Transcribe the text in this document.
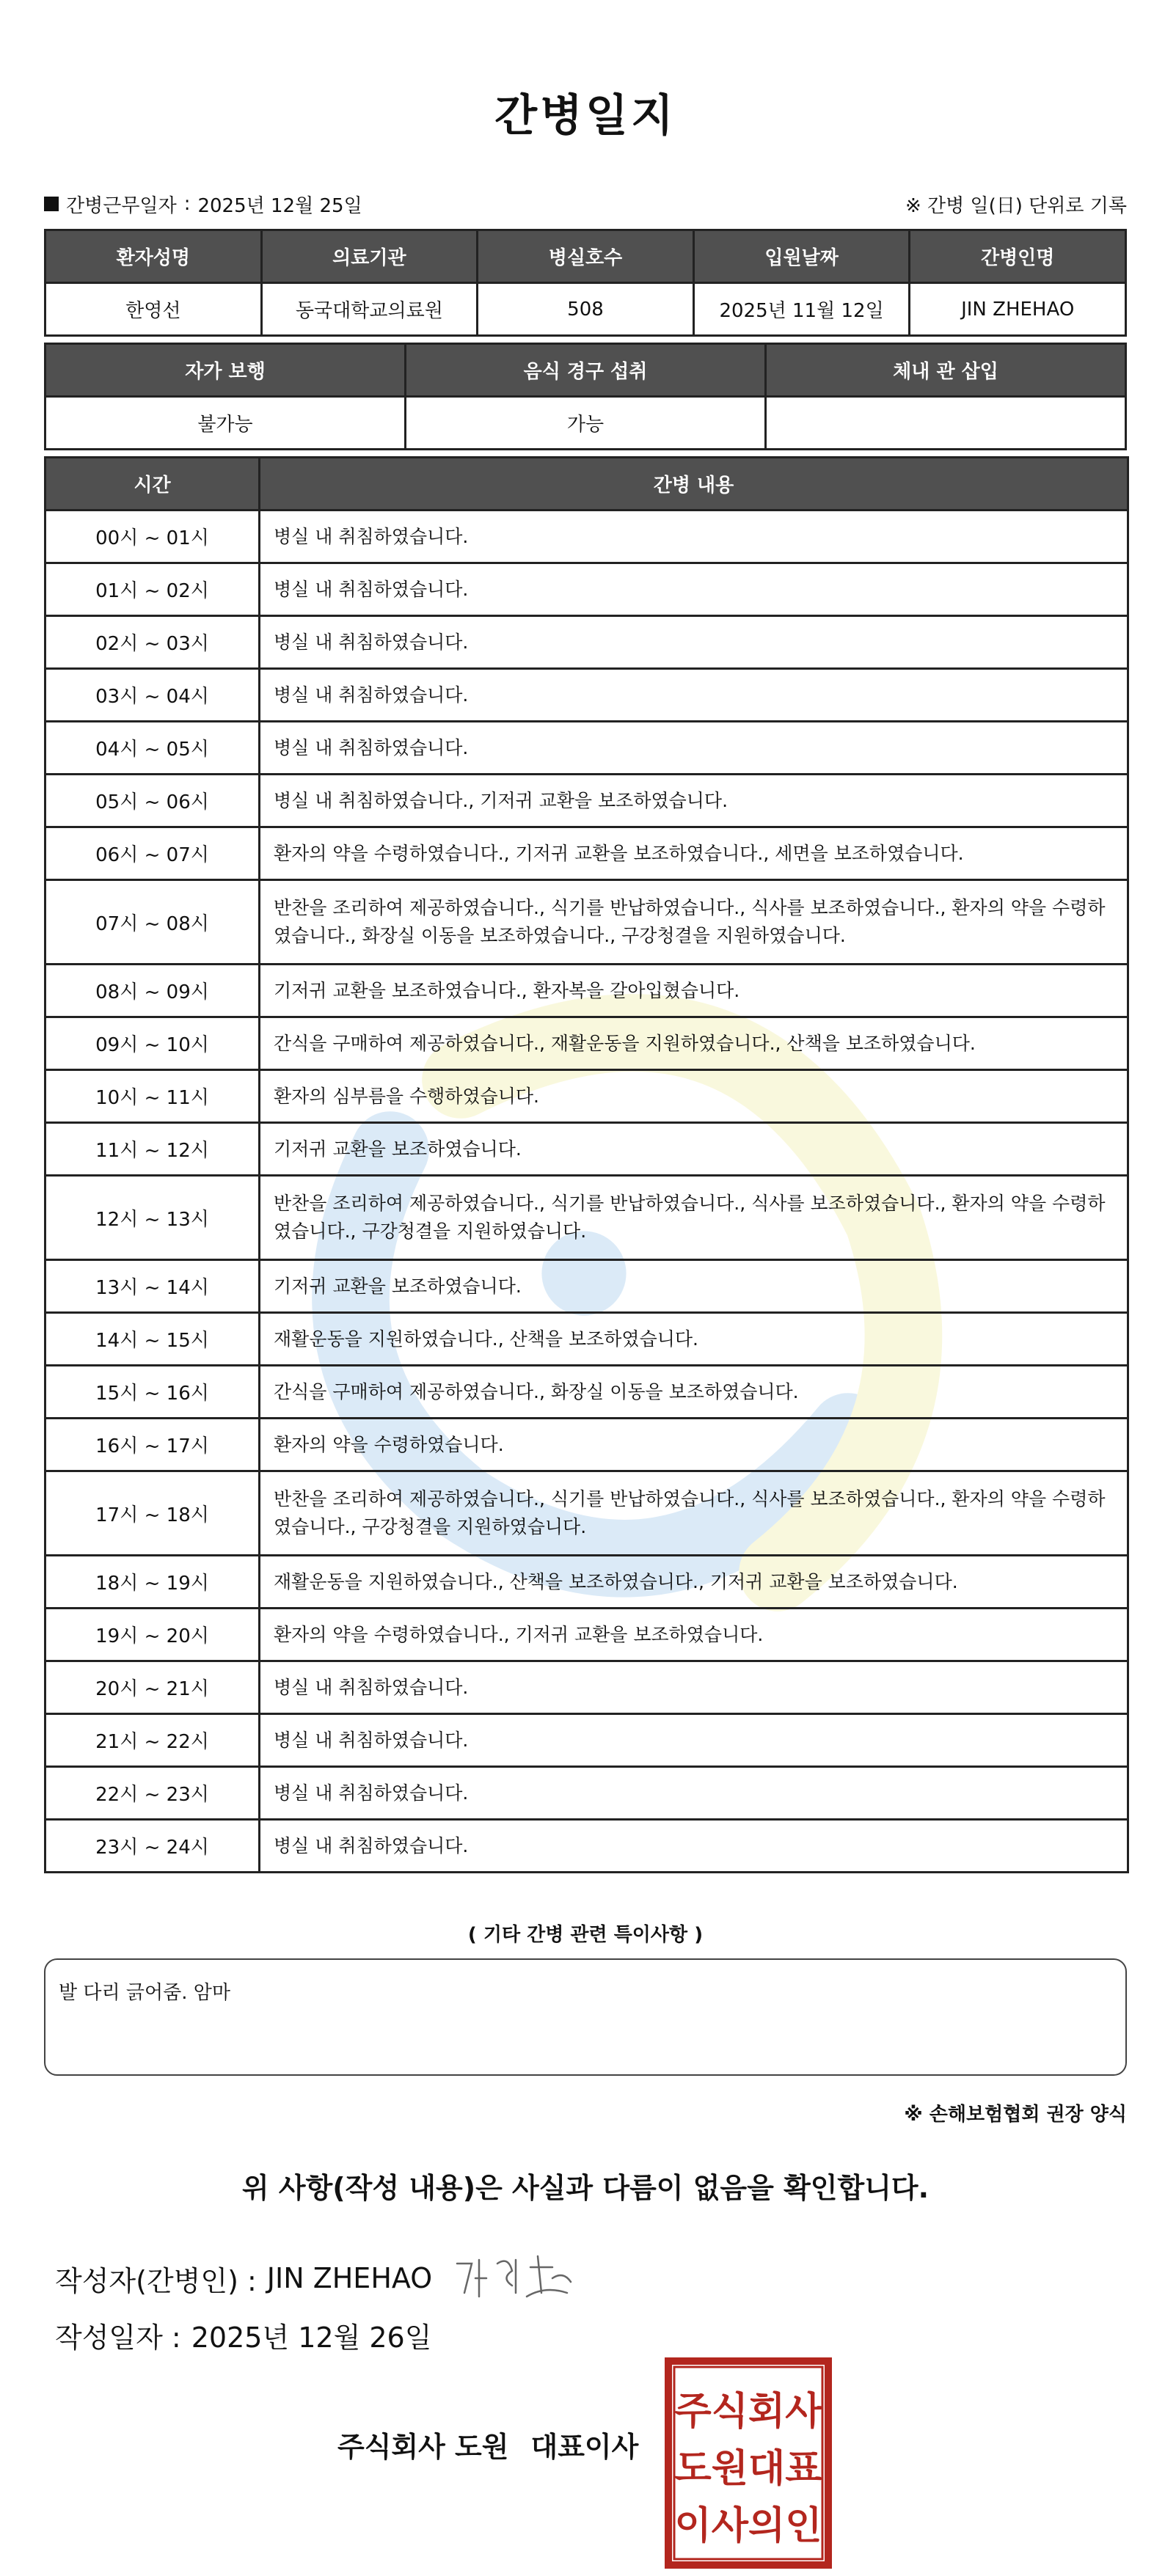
간병일지
간병근무일자 : 2025년 12월 25일	※ 간병 일(日) 단위로 기록
환자성명	의료기관	병실호수	입원날짜	간병인명
한영선	동국대학교의료원	508	2025년 11월 12일	JIN ZHEHAO
자가 보행	음식 경구 섭취	체내 관 삽입
불가능	가능	
시간	간병 내용
00시 ~ 01시	병실 내 취침하였습니다.
01시 ~ 02시	병실 내 취침하였습니다.
02시 ~ 03시	병실 내 취침하였습니다.
03시 ~ 04시	병실 내 취침하였습니다.
04시 ~ 05시	병실 내 취침하였습니다.
05시 ~ 06시	병실 내 취침하였습니다., 기저귀 교환을 보조하였습니다.
06시 ~ 07시	환자의 약을 수령하였습니다., 기저귀 교환을 보조하였습니다., 세면을 보조하였습니다.
07시 ~ 08시	반찬을 조리하여 제공하였습니다., 식기를 반납하였습니다., 식사를 보조하였습니다., 환자의 약을 수령하였습니다., 화장실 이동을 보조하였습니다., 구강청결을 지원하였습니다.
08시 ~ 09시	기저귀 교환을 보조하였습니다., 환자복을 갈아입혔습니다.
09시 ~ 10시	간식을 구매하여 제공하였습니다., 재활운동을 지원하였습니다., 산책을 보조하였습니다.
10시 ~ 11시	환자의 심부름을 수행하였습니다.
11시 ~ 12시	기저귀 교환을 보조하였습니다.
12시 ~ 13시	반찬을 조리하여 제공하였습니다., 식기를 반납하였습니다., 식사를 보조하였습니다., 환자의 약을 수령하였습니다., 구강청결을 지원하였습니다.
13시 ~ 14시	기저귀 교환을 보조하였습니다.
14시 ~ 15시	재활운동을 지원하였습니다., 산책을 보조하였습니다.
15시 ~ 16시	간식을 구매하여 제공하였습니다., 화장실 이동을 보조하였습니다.
16시 ~ 17시	환자의 약을 수령하였습니다.
17시 ~ 18시	반찬을 조리하여 제공하였습니다., 식기를 반납하였습니다., 식사를 보조하였습니다., 환자의 약을 수령하였습니다., 구강청결을 지원하였습니다.
18시 ~ 19시	재활운동을 지원하였습니다., 산책을 보조하였습니다., 기저귀 교환을 보조하였습니다.
19시 ~ 20시	환자의 약을 수령하였습니다., 기저귀 교환을 보조하였습니다.
20시 ~ 21시	병실 내 취침하였습니다.
21시 ~ 22시	병실 내 취침하였습니다.
22시 ~ 23시	병실 내 취침하였습니다.
23시 ~ 24시	병실 내 취침하였습니다.
( 기타 간병 관련 특이사항 )
발 다리 긁어줌. 암마
※ 손해보험협회 권장 양식
위 사항(작성 내용)은 사실과 다름이 없음을 확인합니다.
작성자(간병인) : JIN ZHEHAO
작성일자 : 2025년 12월 26일
주식회사 도원 대표이사
주식회사
도원대표
이사의인
